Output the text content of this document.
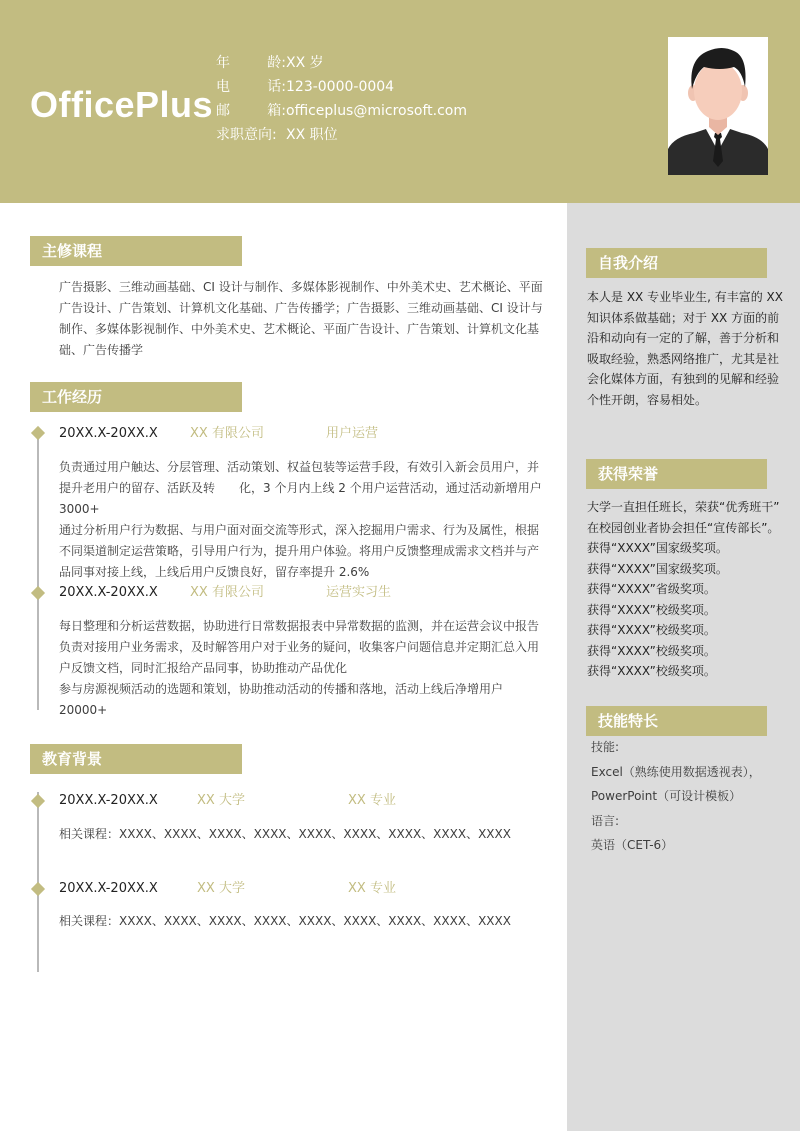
OfficePlus
年	龄: XX 岁
电	话: 123-0000-0004
邮	箱: officeplus@microsoft.com
求职意向: XX 职位
主修课程
广告摄影、三维动画基础、CI 设计与制作、多媒体影视制作、中外美术史、艺术概论、平面
广告设计、广告策划、计算机文化基础、广告传播学；广告摄影、三维动画基础、CI 设计与
制作、多媒体影视制作、中外美术史、艺术概论、平面广告设计、广告策划、计算机文化基
础、广告传播学
工作经历
20XX.X-20XX.X XX 有限公司	用户运营
负责通过用户触达、分层管理、活动策划、权益包装等运营手段，有效引入新会员用户，并
提升老用户的留存、活跃及转　　化，3 个月内上线 2 个用户运营活动，通过活动新增用户
3000+
通过分析用户行为数据、与用户面对面交流等形式，深入挖掘用户需求、行为及属性，根据
不同渠道制定运营策略，引导用户行为，提升用户体验。将用户反馈整理成需求文档并与产
品同事对接上线，上线后用户反馈良好，留存率提升 2.6%
20XX.X-20XX.X XX 有限公司	运营实习生
每日整理和分析运营数据，协助进行日常数据报表中异常数据的监测，并在运营会议中报告
负责对接用户业务需求，及时解答用户对于业务的疑问，收集客户问题信息并定期汇总入用
户反馈文档，同时汇报给产品同事，协助推动产品优化
参与房源视频活动的选题和策划，协助推动活动的传播和落地，活动上线后净增用户 20000+
教育背景
20XX.X-20XX.X	XX 大学	XX 专业
相关课程：XXXX、XXXX、XXXX、XXXX、XXXX、XXXX、XXXX、XXXX、XXXX
20XX.X-20XX.X	XX 大学	XX 专业
相关课程：XXXX、XXXX、XXXX、XXXX、XXXX、XXXX、XXXX、XXXX、XXXX
自我介绍
本人是 XX 专业毕业生, 有丰富的 XX
知识体系做基础；对于 XX 方面的前
沿和动向有一定的了解，善于分析和
吸取经验，熟悉网络推广，尤其是社
会化媒体方面，有独到的见解和经验
个性开朗，容易相处。
获得荣誉
大学一直担任班长，荣获“优秀班干”
在校园创业者协会担任“宣传部长”。
获得“XXXX”国家级奖项。
获得“XXXX”国家级奖项。
获得“XXXX”省级奖项。
获得“XXXX”校级奖项。
获得“XXXX”校级奖项。
获得“XXXX”校级奖项。
获得“XXXX”校级奖项。
技能特长
技能:
Excel（熟练使用数据透视表），
PowerPoint（可设计模板）
语言:
英语（CET-6）
